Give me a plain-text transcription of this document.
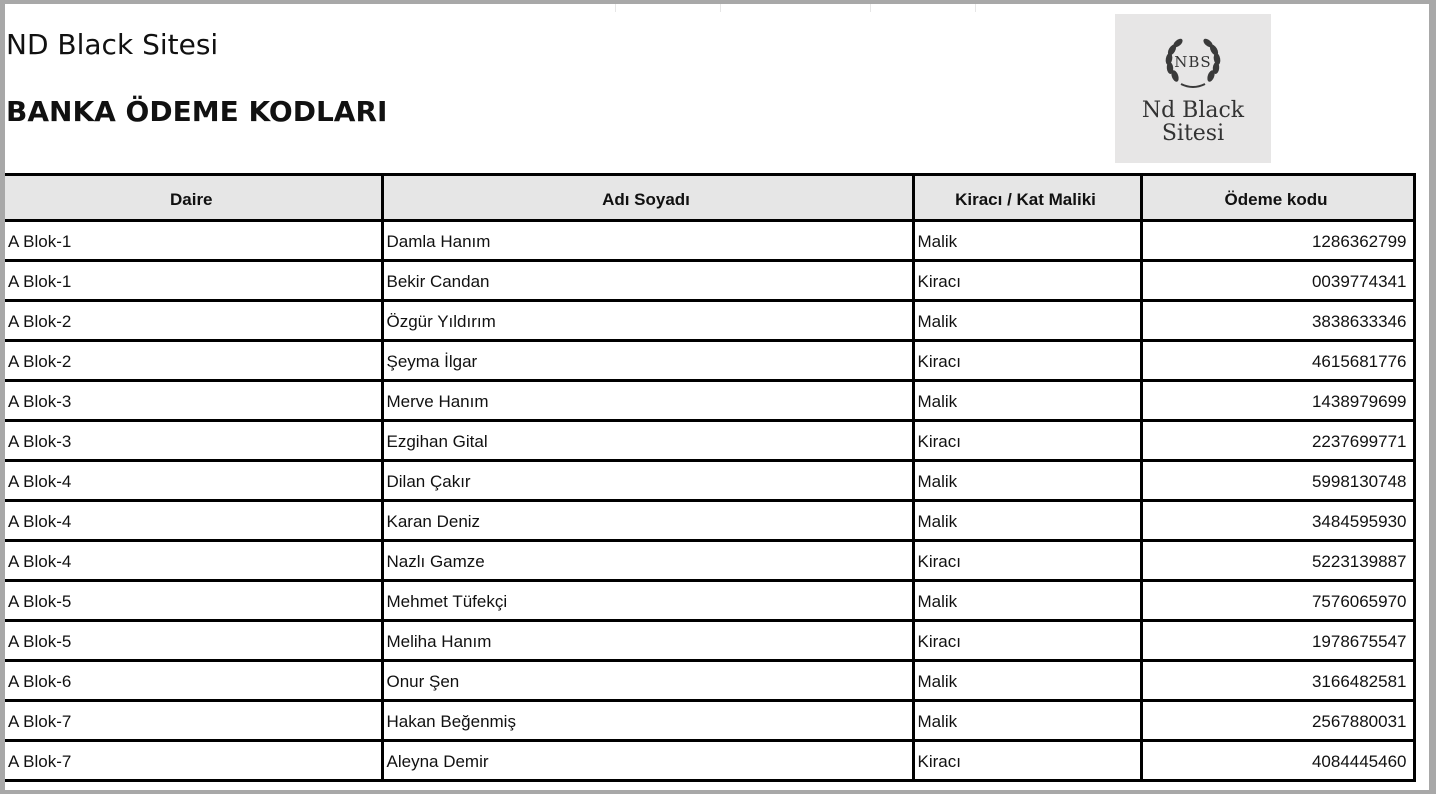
ND Black Sitesi
BANKA ÖDEME KODLARI
NBS
Nd Black
Sitesi
Daire	Adı Soyadı	Kiracı / Kat Maliki	Ödeme kodu
A Blok-1	Damla Hanım	Malik	1286362799
A Blok-1	Bekir Candan	Kiracı	0039774341
A Blok-2	Özgür Yıldırım	Malik	3838633346
A Blok-2	Şeyma İlgar	Kiracı	4615681776
A Blok-3	Merve Hanım	Malik	1438979699
A Blok-3	Ezgihan Gital	Kiracı	2237699771
A Blok-4	Dilan Çakır	Malik	5998130748
A Blok-4	Karan Deniz	Malik	3484595930
A Blok-4	Nazlı Gamze	Kiracı	5223139887
A Blok-5	Mehmet Tüfekçi	Malik	7576065970
A Blok-5	Meliha Hanım	Kiracı	1978675547
A Blok-6	Onur Şen	Malik	3166482581
A Blok-7	Hakan Beğenmiş	Malik	2567880031
A Blok-7	Aleyna Demir	Kiracı	4084445460
